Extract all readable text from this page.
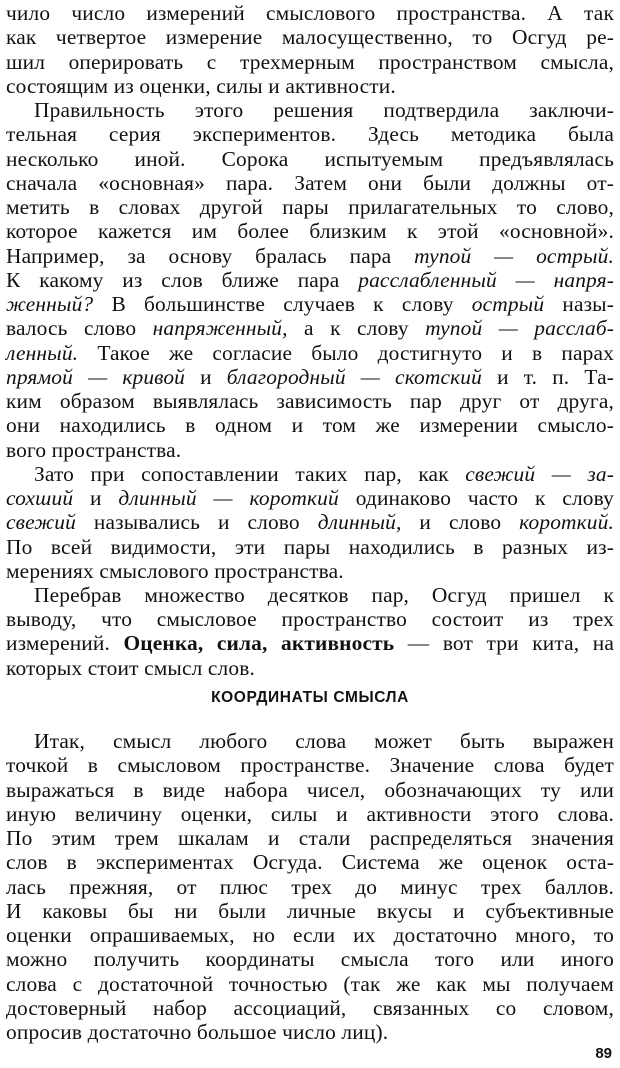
чило число измерений смыслового пространства. А так
как четвертое измерение малосущественно, то Осгуд ре-
шил оперировать с трехмерным пространством смысла,
состоящим из оценки, силы и активности.
Правильность этого решения подтвердила заключи-
тельная серия экспериментов. Здесь методика была
несколько иной. Сорока испытуемым предъявлялась
сначала «основная» пара. Затем они были должны от-
метить в словах другой пары прилагательных то слово,
которое кажется им более близким к этой «основной».
Например, за основу бралась пара тупой — острый.
К какому из слов ближе пара расслабленный — напря-
женный? В большинстве случаев к слову острый назы-
валось слово напряженный, а к слову тупой — расслаб-
ленный. Такое же согласие было достигнуто и в парах
прямой — кривой и благородный — скотский и т. п. Та-
ким образом выявлялась зависимость пар друг от друга,
они находились в одном и том же измерении смысло-
вого пространства.
Зато при сопоставлении таких пар, как свежий — за-
сохший и длинный — короткий одинаково часто к слову
свежий назывались и слово длинный, и слово короткий.
По всей видимости, эти пары находились в разных из-
мерениях смыслового пространства.
Перебрав множество десятков пар, Осгуд пришел к
выводу, что смысловое пространство состоит из трех
измерений. Оценка, сила, активность — вот три кита, на
которых стоит смысл слов.
КООРДИНАТЫ СМЫСЛА
Итак, смысл любого слова может быть выражен
точкой в смысловом пространстве. Значение слова будет
выражаться в виде набора чисел, обозначающих ту или
иную величину оценки, силы и активности этого слова.
По этим трем шкалам и стали распределяться значения
слов в экспериментах Осгуда. Система же оценок оста-
лась прежняя, от плюс трех до минус трех баллов.
И каковы бы ни были личные вкусы и субъективные
оценки опрашиваемых, но если их достаточно много, то
можно получить координаты смысла того или иного
слова с достаточной точностью (так же как мы получаем
достоверный набор ассоциаций, связанных со словом,
опросив достаточно большое число лиц).
89
